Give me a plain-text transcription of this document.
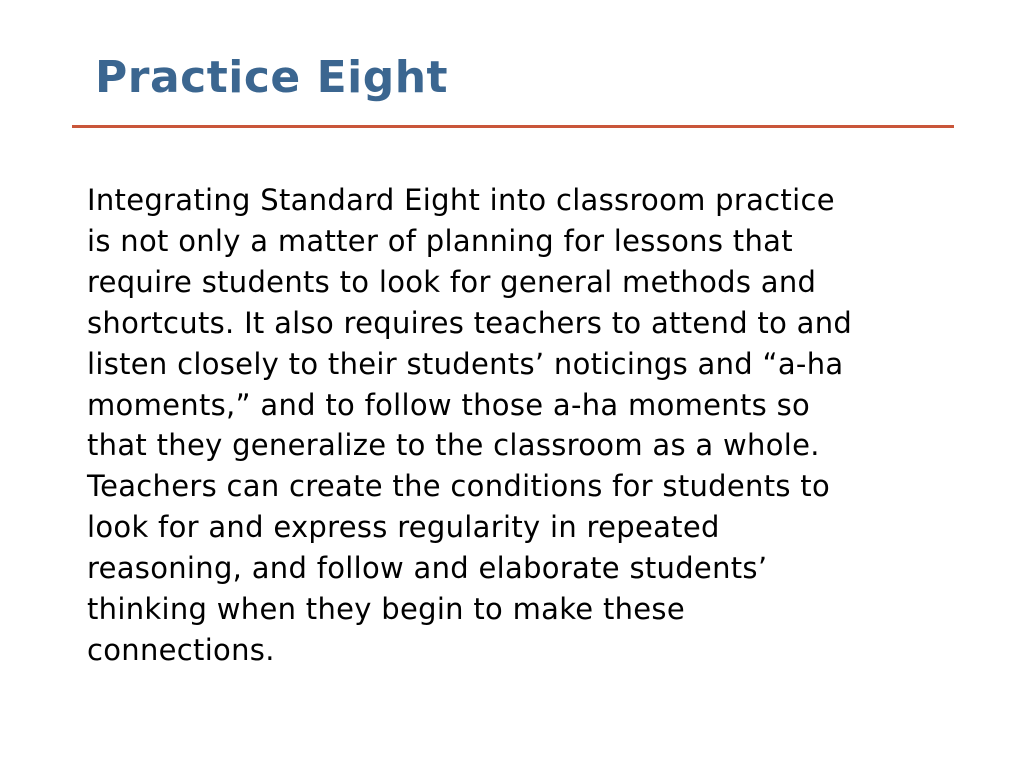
Practice Eight

Integrating Standard Eight into classroom practice
is not only a matter of planning for lessons that
require students to look for general methods and
shortcuts. It also requires teachers to attend to and
listen closely to their students’ noticings and “a-ha
moments,” and to follow those a-ha moments so
that they generalize to the classroom as a whole.
Teachers can create the conditions for students to
look for and express regularity in repeated
reasoning, and follow and elaborate students’
thinking when they begin to make these
connections.
